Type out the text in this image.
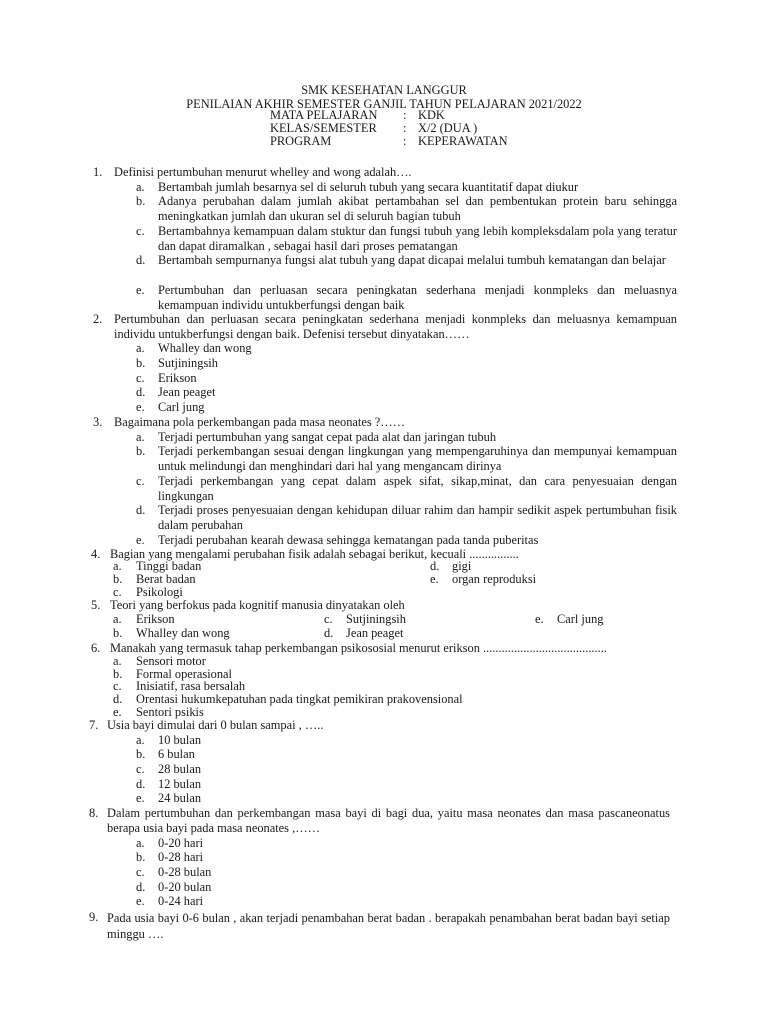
SMK KESEHATAN LANGGUR
PENILAIAN AKHIR SEMESTER GANJIL TAHUN PELAJARAN 2021/2022
MATA PELAJARAN	: KDK
KELAS/SEMESTER	: X/2 (DUA )
PROGRAM	: KEPERAWATAN
1. Definisi pertumbuhan menurut whelley and wong adalah….
a. Bertambah jumlah besarnya sel di seluruh tubuh yang secara kuantitatif dapat diukur
b. Adanya perubahan dalam jumlah akibat pertambahan sel dan pembentukan protein baru sehingga meningkatkan jumlah dan ukuran sel di seluruh bagian tubuh
c. Bertambahnya kemampuan dalam stuktur dan fungsi tubuh yang lebih kompleksdalam pola yang teratur dan dapat diramalkan , sebagai hasil dari proses pematangan
d. Bertambah sempurnanya fungsi alat tubuh yang dapat dicapai melalui tumbuh kematangan dan belajar
e. Pertumbuhan dan perluasan secara peningkatan sederhana menjadi konmpleks dan meluasnya kemampuan individu untukberfungsi dengan baik
2. Pertumbuhan dan perluasan secara peningkatan sederhana menjadi konmpleks dan meluasnya kemampuan individu untukberfungsi dengan baik. Defenisi tersebut dinyatakan……
a. Whalley dan wong
b. Sutjiningsih
c. Erikson
d. Jean peaget
e. Carl jung
3. Bagaimana pola perkembangan pada masa neonates ?……
a. Terjadi pertumbuhan yang sangat cepat pada alat dan jaringan tubuh
b. Terjadi perkembangan sesuai dengan lingkungan yang mempengaruhinya dan mempunyai kemampuan untuk melindungi dan menghindari dari hal yang mengancam dirinya
c. Terjadi perkembangan yang cepat dalam aspek sifat, sikap,minat, dan cara penyesuaian dengan lingkungan
d. Terjadi proses penyesuaian dengan kehidupan diluar rahim dan hampir sedikit aspek pertumbuhan fisik dalam perubahan
e. Terjadi perubahan kearah dewasa sehingga kematangan pada tanda puberitas
4. Bagian yang mengalami perubahan fisik adalah sebagai berikut, kecuali ................
a. Tinggi badan	d. gigi
b. Berat badan	e. organ reproduksi
c. Psikologi
5. Teori yang berfokus pada kognitif manusia dinyatakan oleh
a. Erikson	c. Sutjiningsih	e. Carl jung
b. Whalley dan wong	d. Jean peaget
6. Manakah yang termasuk tahap perkembangan psikososial menurut erikson ........................................
a. Sensori motor
b. Formal operasional
c. Inisiatif, rasa bersalah
d. Orentasi hukumkepatuhan pada tingkat pemikiran prakovensional
e. Sentori psikis
7. Usia bayi dimulai dari 0 bulan sampai , …..
a. 10 bulan
b. 6 bulan
c. 28 bulan
d. 12 bulan
e. 24 bulan
8. Dalam pertumbuhan dan perkembangan masa bayi di bagi dua, yaitu masa neonates dan masa pascaneonatus berapa usia bayi pada masa neonates ,……
a. 0-20 hari
b. 0-28 hari
c. 0-28 bulan
d. 0-20 bulan
e. 0-24 hari
9. Pada usia bayi 0-6 bulan , akan terjadi penambahan berat badan . berapakah penambahan berat badan bayi setiap minggu ….
